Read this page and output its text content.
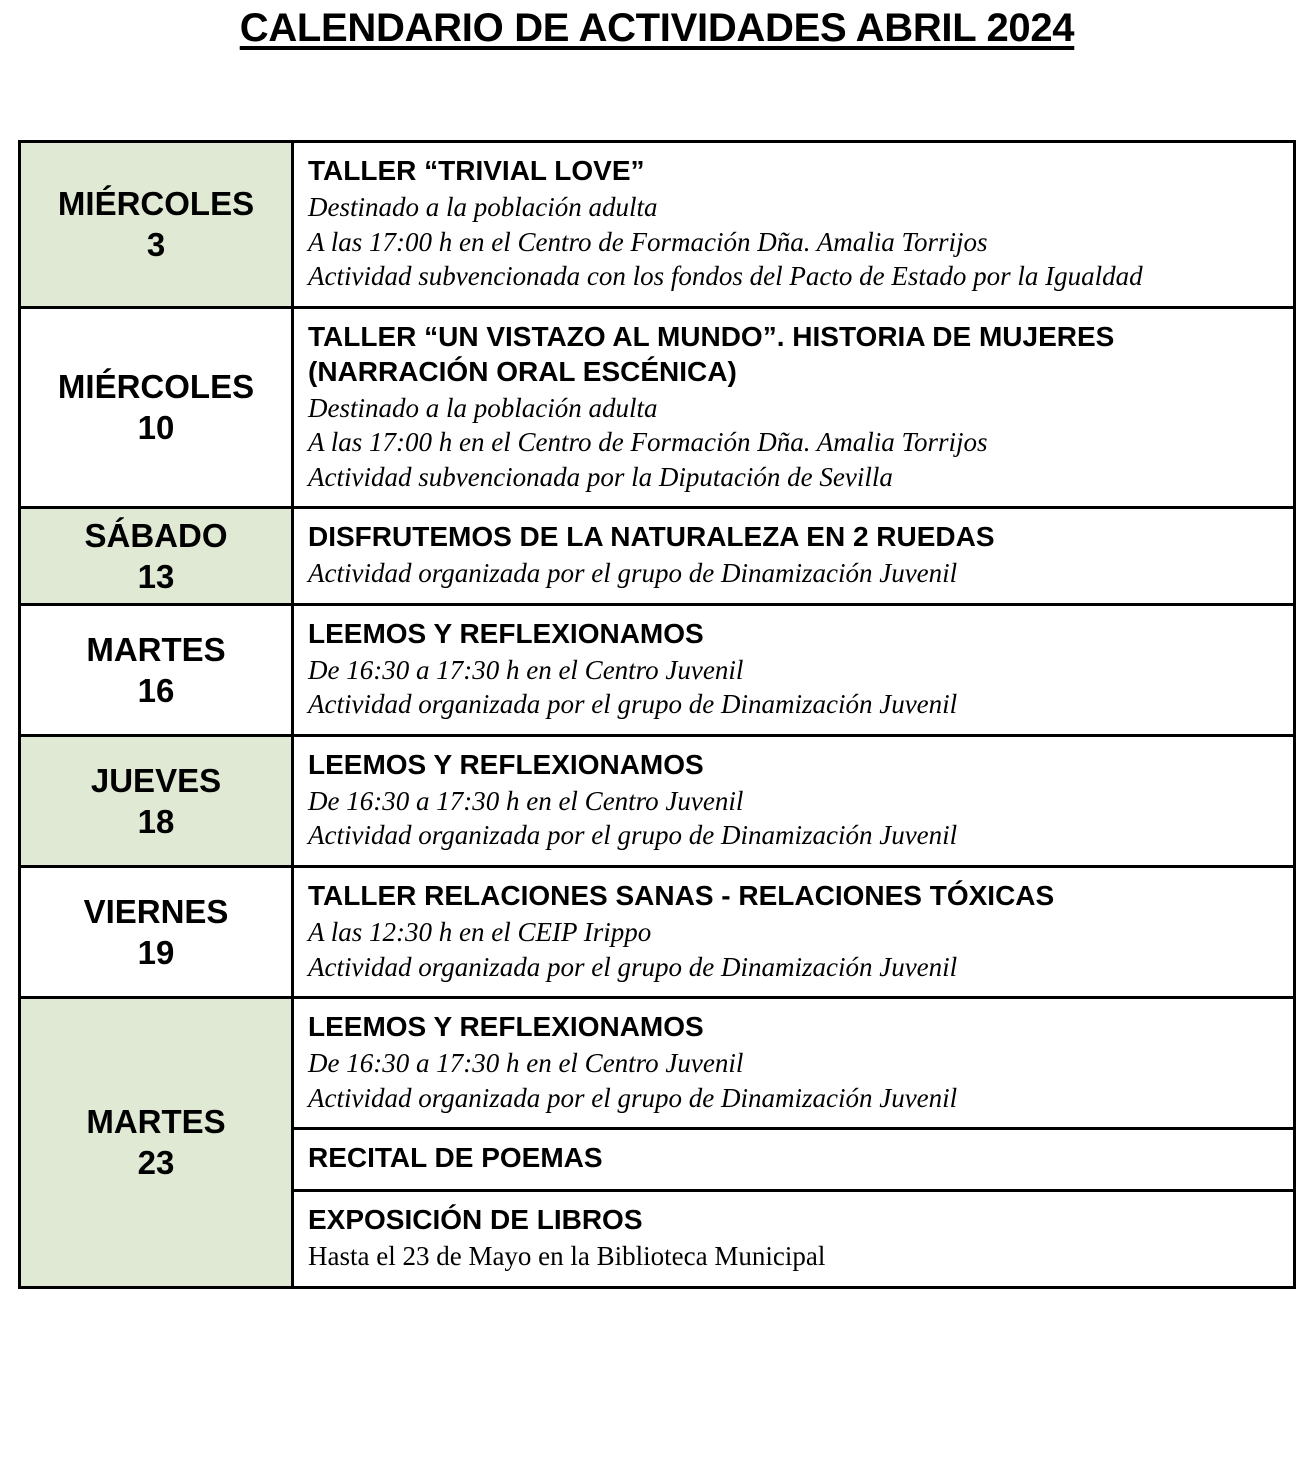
CALENDARIO DE ACTIVIDADES ABRIL 2024
MIÉRCOLES
3

TALLER “TRIVIAL LOVE”
Destinado a la población adulta
A las 17:00 h en el Centro de Formación Dña. Amalia Torrijos
Actividad subvencionada con los fondos del Pacto de Estado por la Igualdad

MIÉRCOLES
10

TALLER “UN VISTAZO AL MUNDO”. HISTORIA DE MUJERES (NARRACIÓN ORAL ESCÉNICA)
Destinado a la población adulta
A las 17:00 h en el Centro de Formación Dña. Amalia Torrijos
Actividad subvencionada por la Diputación de Sevilla

SÁBADO
13

DISFRUTEMOS DE LA NATURALEZA EN 2 RUEDAS
Actividad organizada por el grupo de Dinamización Juvenil

MARTES
16

LEEMOS Y REFLEXIONAMOS
De 16:30 a 17:30 h en el Centro Juvenil
Actividad organizada por el grupo de Dinamización Juvenil

JUEVES
18

LEEMOS Y REFLEXIONAMOS
De 16:30 a 17:30 h en el Centro Juvenil
Actividad organizada por el grupo de Dinamización Juvenil

VIERNES
19

TALLER RELACIONES SANAS - RELACIONES TÓXICAS
A las 12:30 h en el CEIP Irippo
Actividad organizada por el grupo de Dinamización Juvenil

MARTES
23

LEEMOS Y REFLEXIONAMOS
De 16:30 a 17:30 h en el Centro Juvenil
Actividad organizada por el grupo de Dinamización Juvenil
RECITAL DE POEMAS
EXPOSICIÓN DE LIBROS
Hasta el 23 de Mayo en la Biblioteca Municipal
